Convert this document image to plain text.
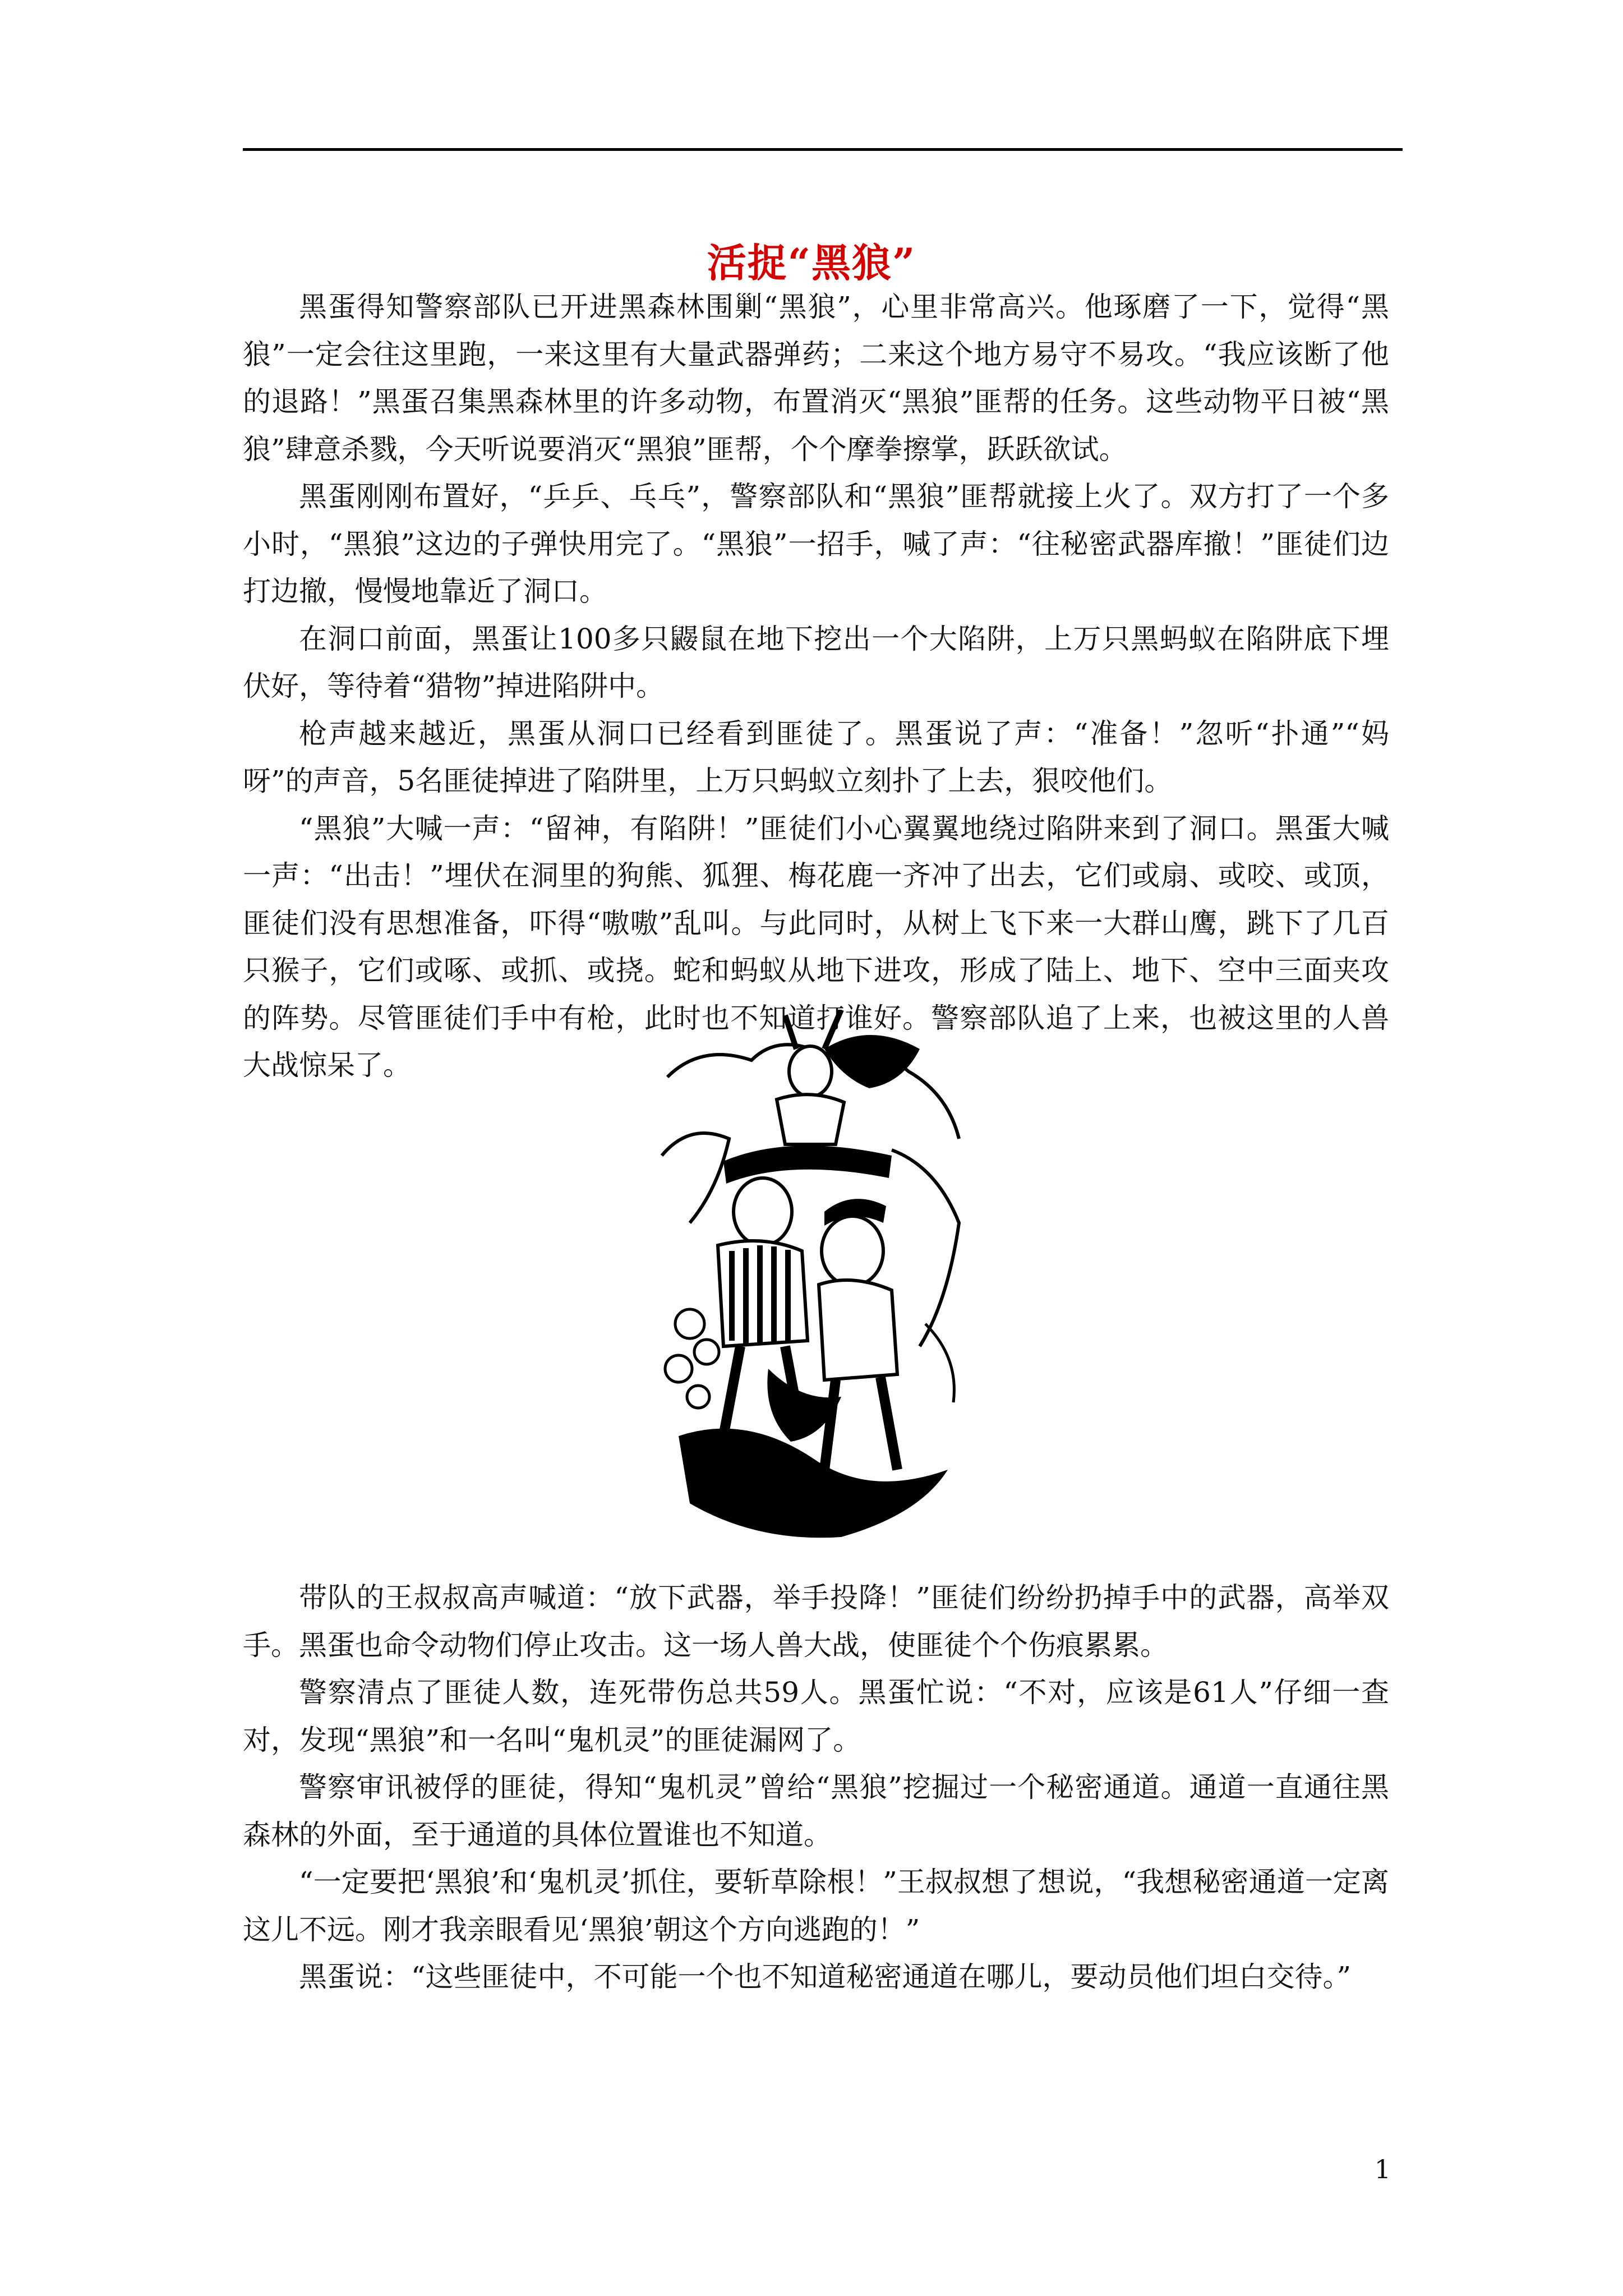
活捉“黑狼”

黑蛋得知警察部队已开进黑森林围剿“黑狼”，心里非常高兴。他琢磨了一下，觉得“黑狼”一定会往这里跑，一来这里有大量武器弹药；二来这个地方易守不易攻。“我应该断了他的退路！”黑蛋召集黑森林里的许多动物，布置消灭“黑狼”匪帮的任务。这些动物平日被“黑狼”肆意杀戮，今天听说要消灭“黑狼”匪帮，个个摩拳擦掌，跃跃欲试。

黑蛋刚刚布置好，“乒乒、乓乓”，警察部队和“黑狼”匪帮就接上火了。双方打了一个多小时，“黑狼”这边的子弹快用完了。“黑狼”一招手，喊了声：“往秘密武器库撤！”匪徒们边打边撤，慢慢地靠近了洞口。

在洞口前面，黑蛋让100多只鼹鼠在地下挖出一个大陷阱，上万只黑蚂蚁在陷阱底下埋伏好，等待着“猎物”掉进陷阱中。

枪声越来越近，黑蛋从洞口已经看到匪徒了。黑蛋说了声：“准备！”忽听“扑通”“妈呀”的声音，5名匪徒掉进了陷阱里，上万只蚂蚁立刻扑了上去，狠咬他们。

“黑狼”大喊一声：“留神，有陷阱！”匪徒们小心翼翼地绕过陷阱来到了洞口。黑蛋大喊一声：“出击！”埋伏在洞里的狗熊、狐狸、梅花鹿一齐冲了出去，它们或扇、或咬、或顶，匪徒们没有思想准备，吓得“嗷嗷”乱叫。与此同时，从树上飞下来一大群山鹰，跳下了几百只猴子，它们或啄、或抓、或挠。蛇和蚂蚁从地下进攻，形成了陆上、地下、空中三面夹攻的阵势。尽管匪徒们手中有枪，此时也不知道打谁好。警察部队追了上来，也被这里的人兽大战惊呆了。

带队的王叔叔高声喊道：“放下武器，举手投降！”匪徒们纷纷扔掉手中的武器，高举双手。黑蛋也命令动物们停止攻击。这一场人兽大战，使匪徒个个伤痕累累。

警察清点了匪徒人数，连死带伤总共59人。黑蛋忙说：“不对，应该是61人”仔细一查对，发现“黑狼”和一名叫“鬼机灵”的匪徒漏网了。

警察审讯被俘的匪徒，得知“鬼机灵”曾给“黑狼”挖掘过一个秘密通道。通道一直通往黑森林的外面，至于通道的具体位置谁也不知道。

“一定要把‘黑狼’和‘鬼机灵’抓住，要斩草除根！”王叔叔想了想说，“我想秘密通道一定离这儿不远。刚才我亲眼看见‘黑狼’朝这个方向逃跑的！”

黑蛋说：“这些匪徒中，不可能一个也不知道秘密通道在哪儿，要动员他们坦白交待。”

1
